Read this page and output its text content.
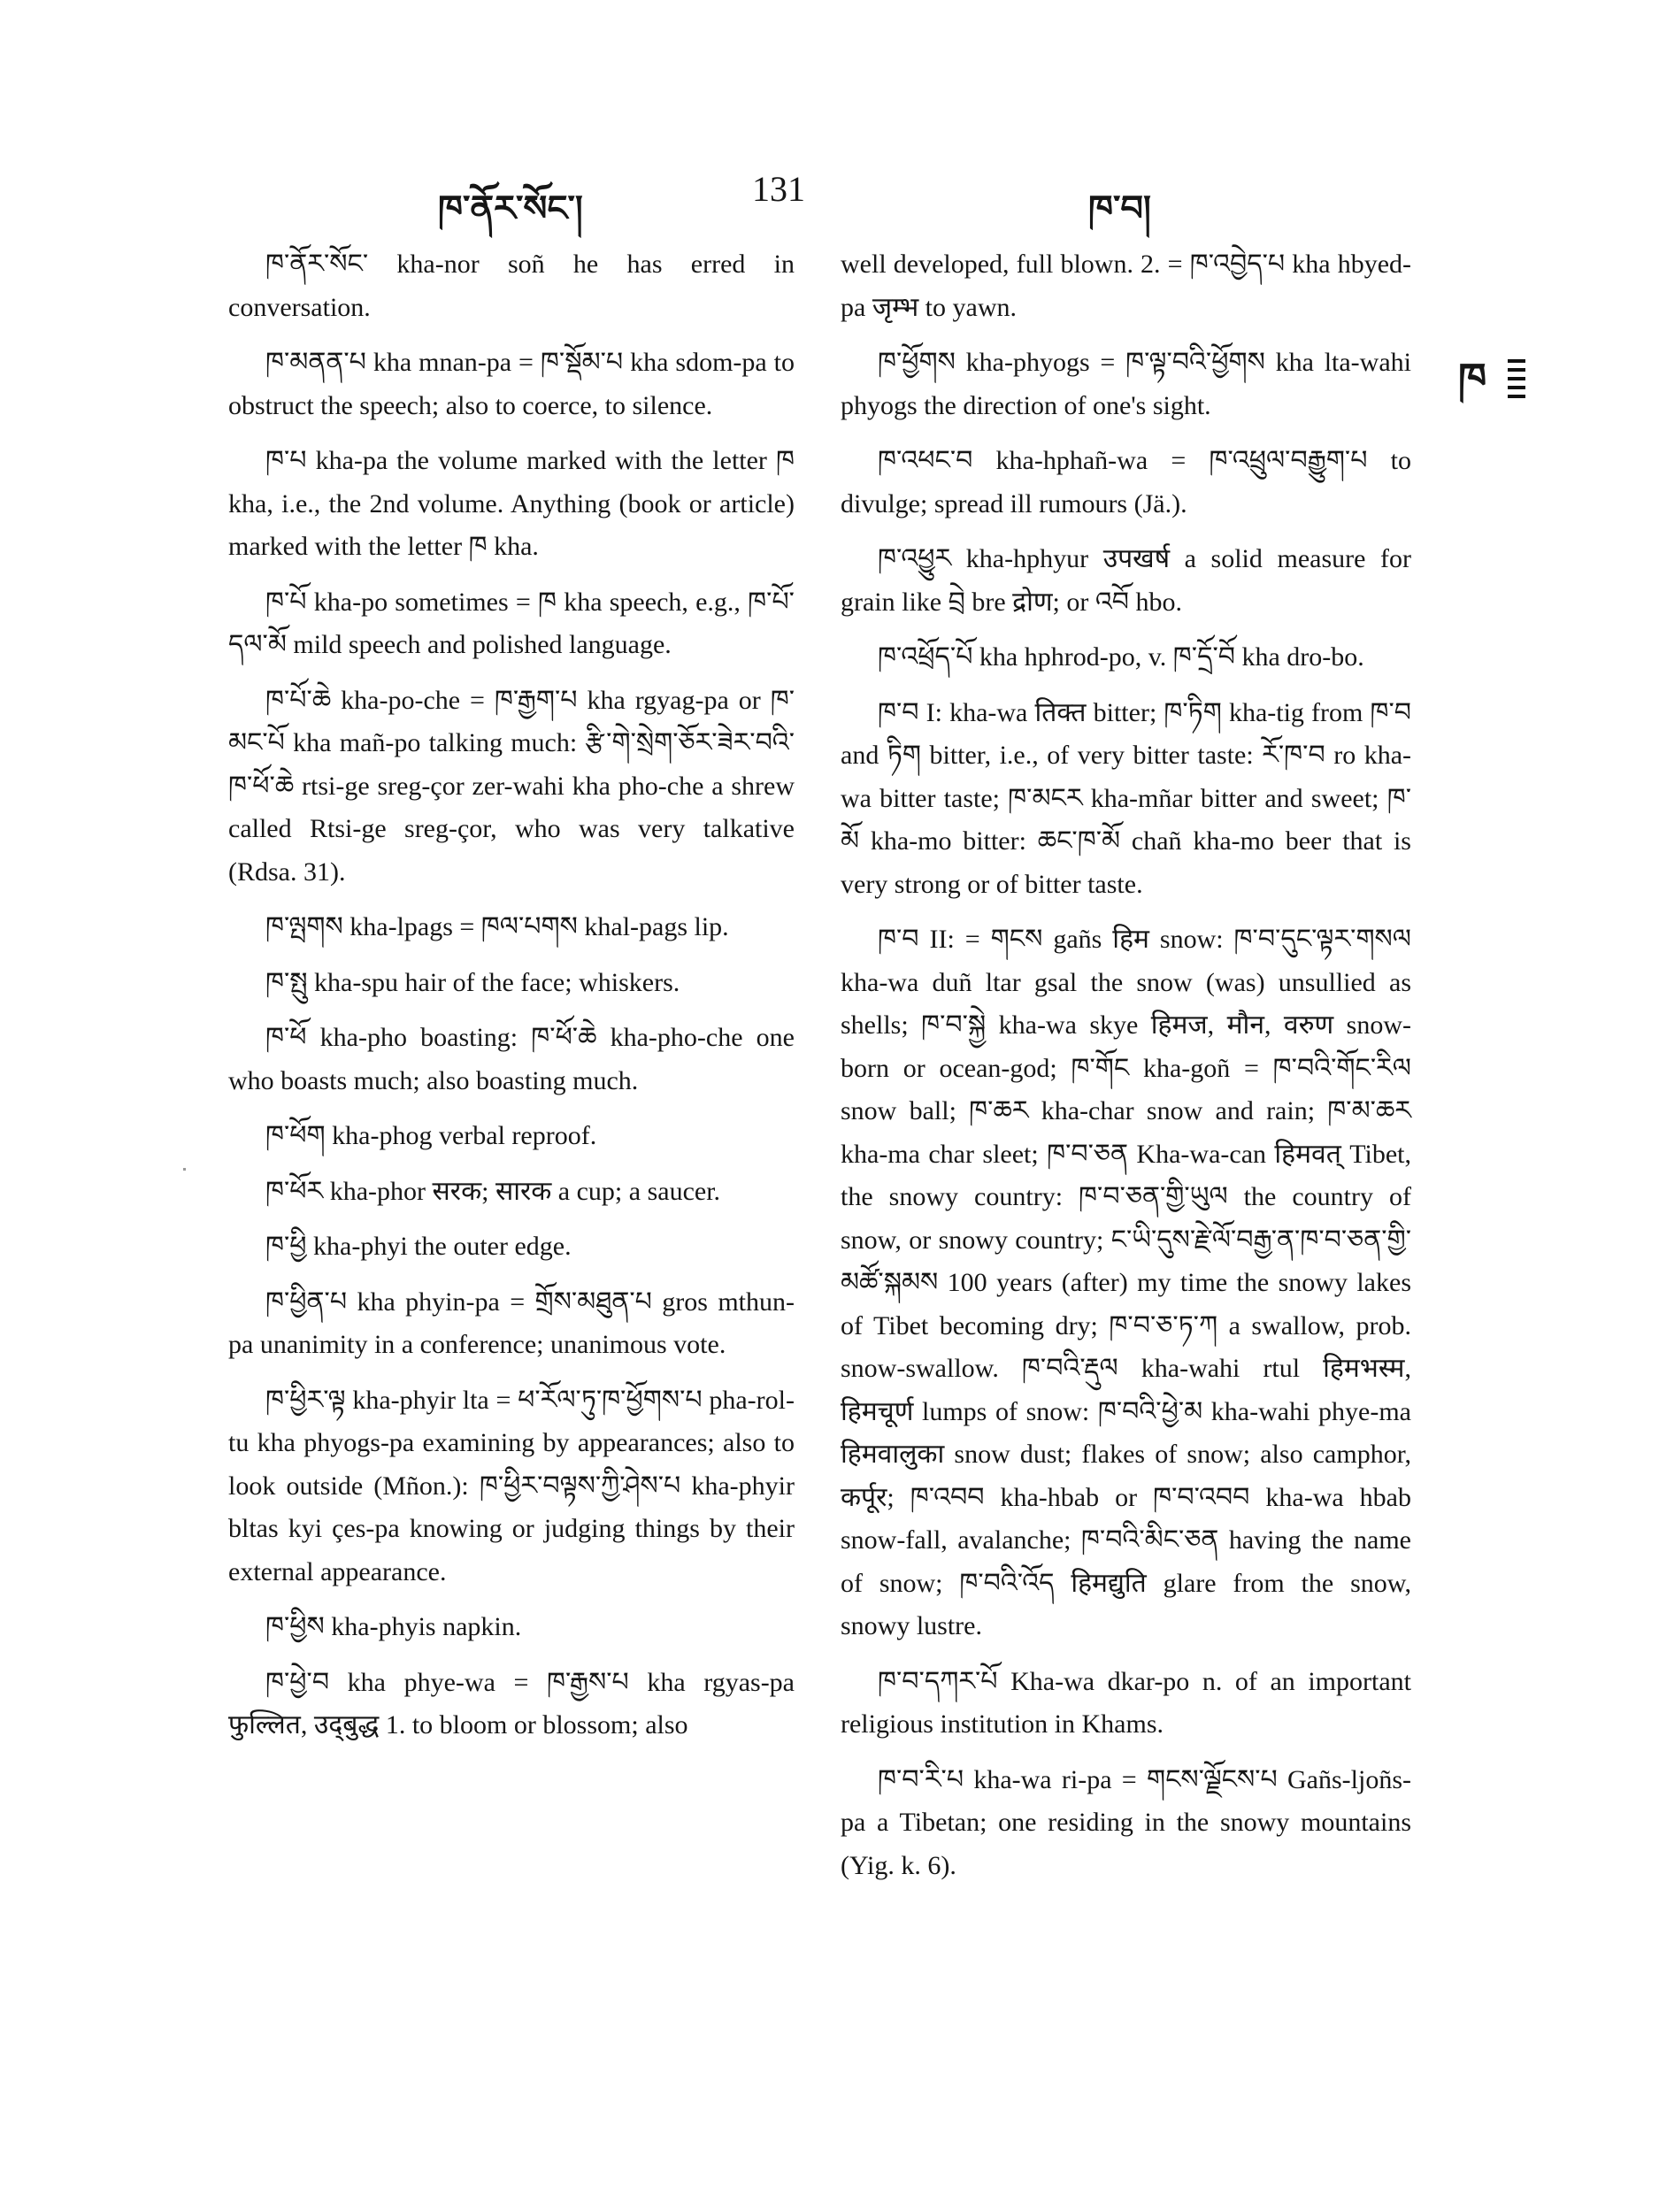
ཁ་ནོར་སོང་།	131	ཁ་བ།
ཁ

ཁ་ནོར་སོང་ kha-nor soñ he has erred in conversation.

ཁ་མནན་པ kha mnan-pa = ཁ་སྡོམ་པ kha sdom-pa to obstruct the speech; also to coerce, to silence.

ཁ་པ kha-pa the volume marked with the letter ཁ kha, i.e., the 2nd volume. Anything (book or article) marked with the letter ཁ kha.

ཁ་པོ kha-po sometimes = ཁ kha speech, e.g., ཁ་པོ་དལ་མོ mild speech and polished language.

ཁ་པོ་ཆེ kha-po-che = ཁ་རྒྱག་པ kha rgyag-pa or ཁ་མང་པོ kha mañ-po talking much: རྩི་གེ་སྲེག་ཅོར་ཟེར་བའི་ཁ་ཕོ་ཆེ rtsi-ge sreg-çor zer-wahi kha pho-che a shrew called Rtsi-ge sreg-çor, who was very talkative (Rdsa. 31).

ཁ་ལྤགས kha-lpags = ཁལ་པགས khal-pags lip.

ཁ་སྤུ kha-spu hair of the face; whiskers.

ཁ་ཕོ kha-pho boasting: ཁ་ཕོ་ཆེ kha-pho-che one who boasts much; also boasting much.

ཁ་ཕོག kha-phog verbal reproof.

ཁ་ཕོར kha-phor सरक; सारक a cup; a saucer.

ཁ་ཕྱི kha-phyi the outer edge.

ཁ་ཕྱིན་པ kha phyin-pa = གྲོས་མཐུན་པ gros mthun-pa unanimity in a conference; unanimous vote.

ཁ་ཕྱིར་ལྟ kha-phyir lta = ཕ་རོལ་ཏུ་ཁ་ཕྱོགས་པ pha-rol-tu kha phyogs-pa examining by appearances; also to look outside (Mñon.): ཁ་ཕྱིར་བལྟས་ཀྱི་ཤེས་པ kha-phyir bltas kyi çes-pa knowing or judging things by their external appearance.

ཁ་ཕྱིས kha-phyis napkin.

ཁ་ཕྱེ་བ kha phye-wa = ཁ་རྒྱས་པ kha rgyas-pa फुल्लित, उद्‌बुद्ध 1. to bloom or blossom; also

well developed, full blown. 2. = ཁ་འབྱེད་པ kha hbyed-pa जृम्भ to yawn.

ཁ་ཕྱོགས kha-phyogs = ཁ་ལྟ་བའི་ཕྱོགས kha lta-wahi phyogs the direction of one's sight.

ཁ་འཕང་བ kha-hphañ-wa = ཁ་འཕྲུལ་བརྒྱུག་པ to divulge; spread ill rumours (Jä.).

ཁ་འཕྱུར kha-hphyur उपखर्ष a solid measure for grain like བྲེ bre द्रोण; or འབོ hbo.

ཁ་འཕྲོད་པོ kha hphrod-po, v. ཁ་དྲོ་བོ kha dro-bo.

ཁ་བ I: kha-wa तिक्त bitter; ཁ་ཏིག kha-tig from ཁ་བ and ཏིག bitter, i.e., of very bitter taste: རོ་ཁ་བ ro kha-wa bitter taste; ཁ་མངར kha-mñar bitter and sweet; ཁ་མོ kha-mo bitter: ཆང་ཁ་མོ chañ kha-mo beer that is very strong or of bitter taste.

ཁ་བ II: = གངས gañs हिम snow: ཁ་བ་དུང་ལྟར་གསལ kha-wa duñ ltar gsal the snow (was) unsullied as shells; ཁ་བ་སྐྱེ kha-wa skye हिमज, मौन, वरुण snow-born or ocean-god; ཁ་གོང kha-goñ = ཁ་བའི་གོང་རིལ snow ball; ཁ་ཆར kha-char snow and rain; ཁ་མ་ཆར kha-ma char sleet; ཁ་བ་ཅན Kha-wa-can हिमवत् Tibet, the snowy country: ཁ་བ་ཅན་གྱི་ཡུལ the country of snow, or snowy country; ང་ཡི་དུས་རྗེ་ལོ་བརྒྱ་ན་ཁ་བ་ཅན་གྱི་མཚོ་སྐམས 100 years (after) my time the snowy lakes of Tibet becoming dry; ཁ་བ་ཅ་ཏ་ཀ a swallow, prob. snow-swallow. ཁ་བའི་རྡུལ kha-wahi rtul हिमभस्म, हिमचूर्ण lumps of snow: ཁ་བའི་ཕྱེ་མ kha-wahi phye-ma हिमवालुका snow dust; flakes of snow; also camphor, कर्पूर; ཁ་འབབ kha-hbab or ཁ་བ་འབབ kha-wa hbab snow-fall, avalanche; ཁ་བའི་མིང་ཅན having the name of snow; ཁ་བའི་འོད हिमद्युति glare from the snow, snowy lustre.

ཁ་བ་དཀར་པོ Kha-wa dkar-po n. of an important religious institution in Khams.

ཁ་བ་རི་པ kha-wa ri-pa = གངས་ལྗོངས་པ Gañs-ljoñs-pa a Tibetan; one residing in the snowy mountains (Yig. k. 6).
